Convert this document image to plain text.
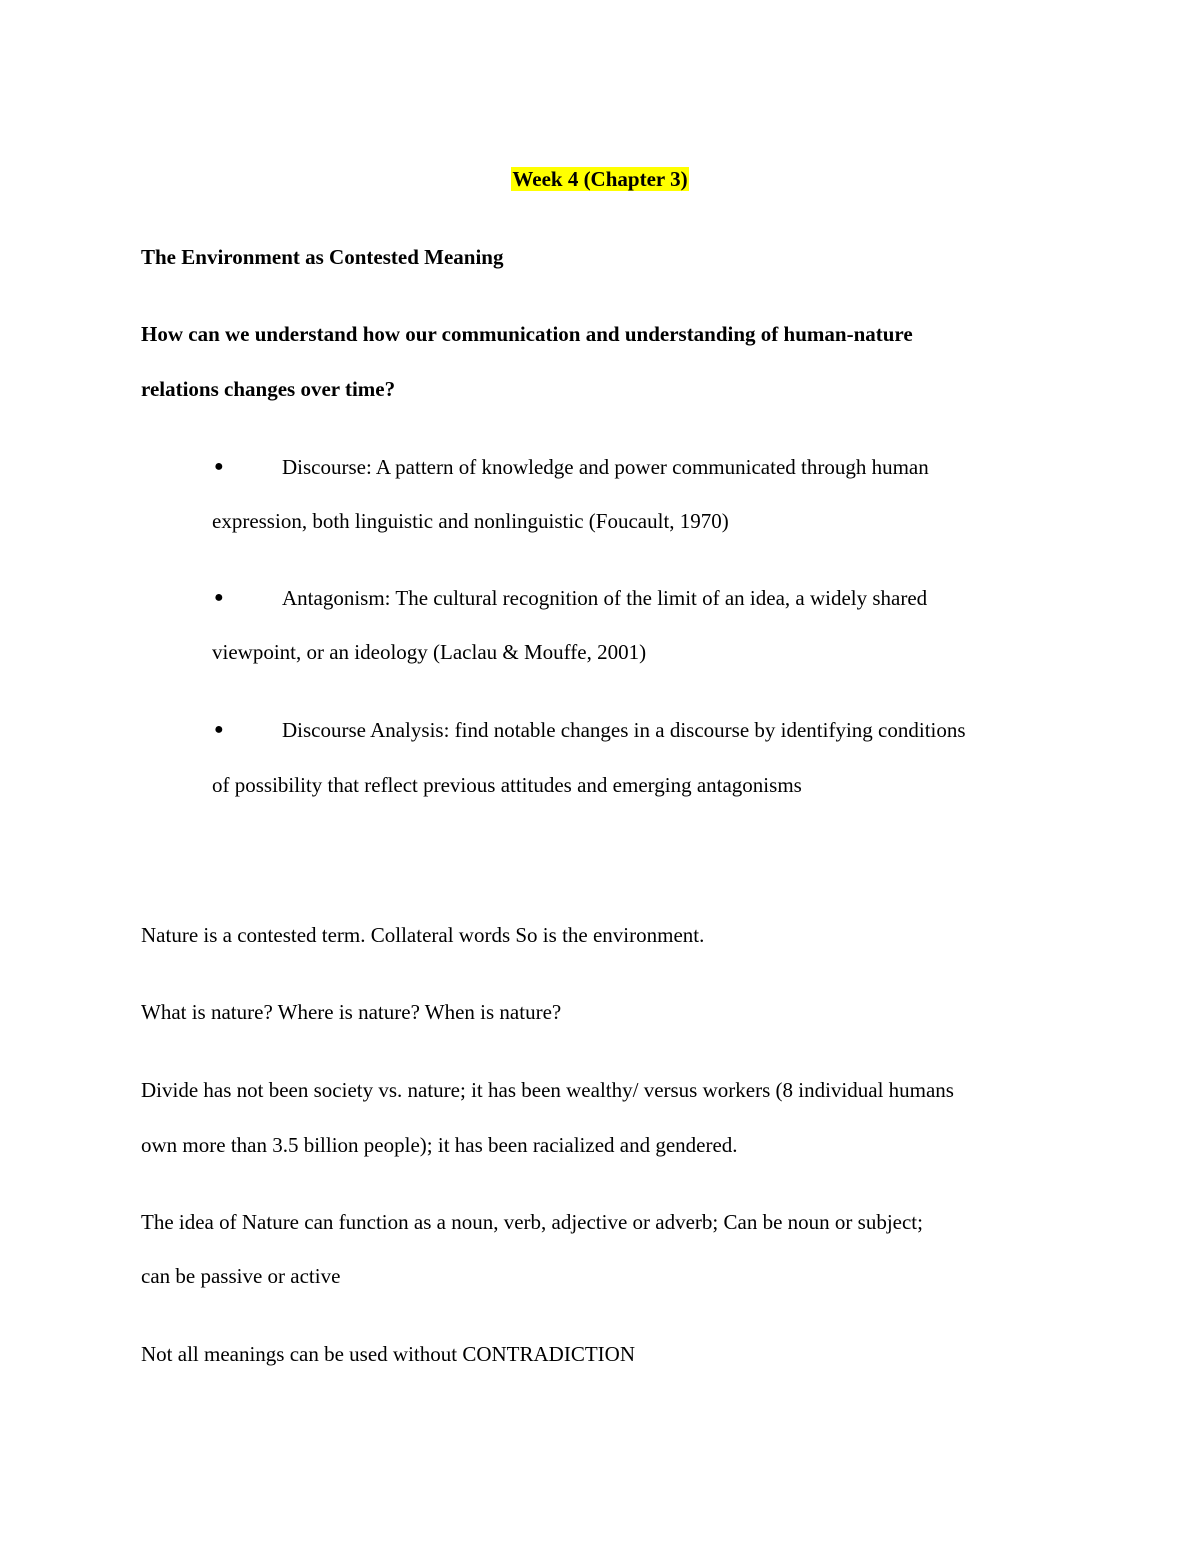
Week 4 (Chapter 3)

The Environment as Contested Meaning

How can we understand how our communication and understanding of human-nature

relations changes over time?

●	Discourse: A pattern of knowledge and power communicated through human

expression, both linguistic and nonlinguistic (Foucault, 1970)

●	Antagonism: The cultural recognition of the limit of an idea, a widely shared

viewpoint, or an ideology (Laclau & Mouffe, 2001)

●	Discourse Analysis: find notable changes in a discourse by identifying conditions

of possibility that reflect previous attitudes and emerging antagonisms

Nature is a contested term. Collateral words So is the environment.

What is nature? Where is nature? When is nature?

Divide has not been society vs. nature; it has been wealthy/ versus workers (8 individual humans

own more than 3.5 billion people); it has been racialized and gendered.

The idea of Nature can function as a noun, verb, adjective or adverb; Can be noun or subject;

can be passive or active

Not all meanings can be used without CONTRADICTION
